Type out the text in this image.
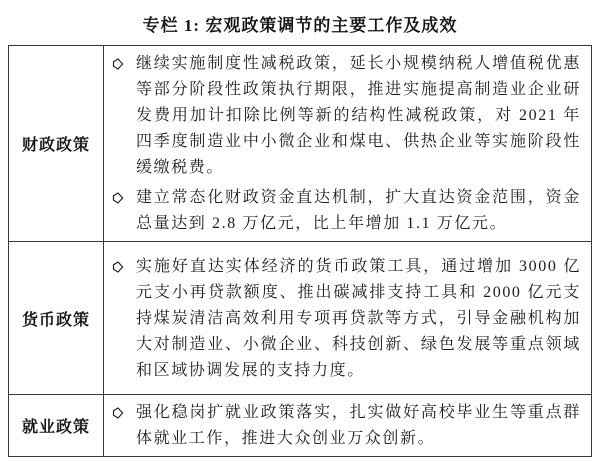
专栏 1: 宏观政策调节的主要工作及成效
财政政策	继续实施制度性减税政策，延长小规模纳税人增值税优惠等部分阶段性政策执行期限，推进实施提高制造业企业研发费用加计扣除比例等新的结构性减税政策，对 2021 年四季度制造业中小微企业和煤电、供热企业等实施阶段性缓缴税费。
建立常态化财政资金直达机制，扩大直达资金范围，资金总量达到 2.8 万亿元，比上年增加 1.1 万亿元。

货币政策	实施好直达实体经济的货币政策工具，通过增加 3000 亿元支小再贷款额度、推出碳减排支持工具和 2000 亿元支持煤炭清洁高效利用专项再贷款等方式，引导金融机构加大对制造业、小微企业、科技创新、绿色发展等重点领域和区域协调发展的支持力度。

就业政策	强化稳岗扩就业政策落实，扎实做好高校毕业生等重点群体就业工作，推进大众创业万众创新。
